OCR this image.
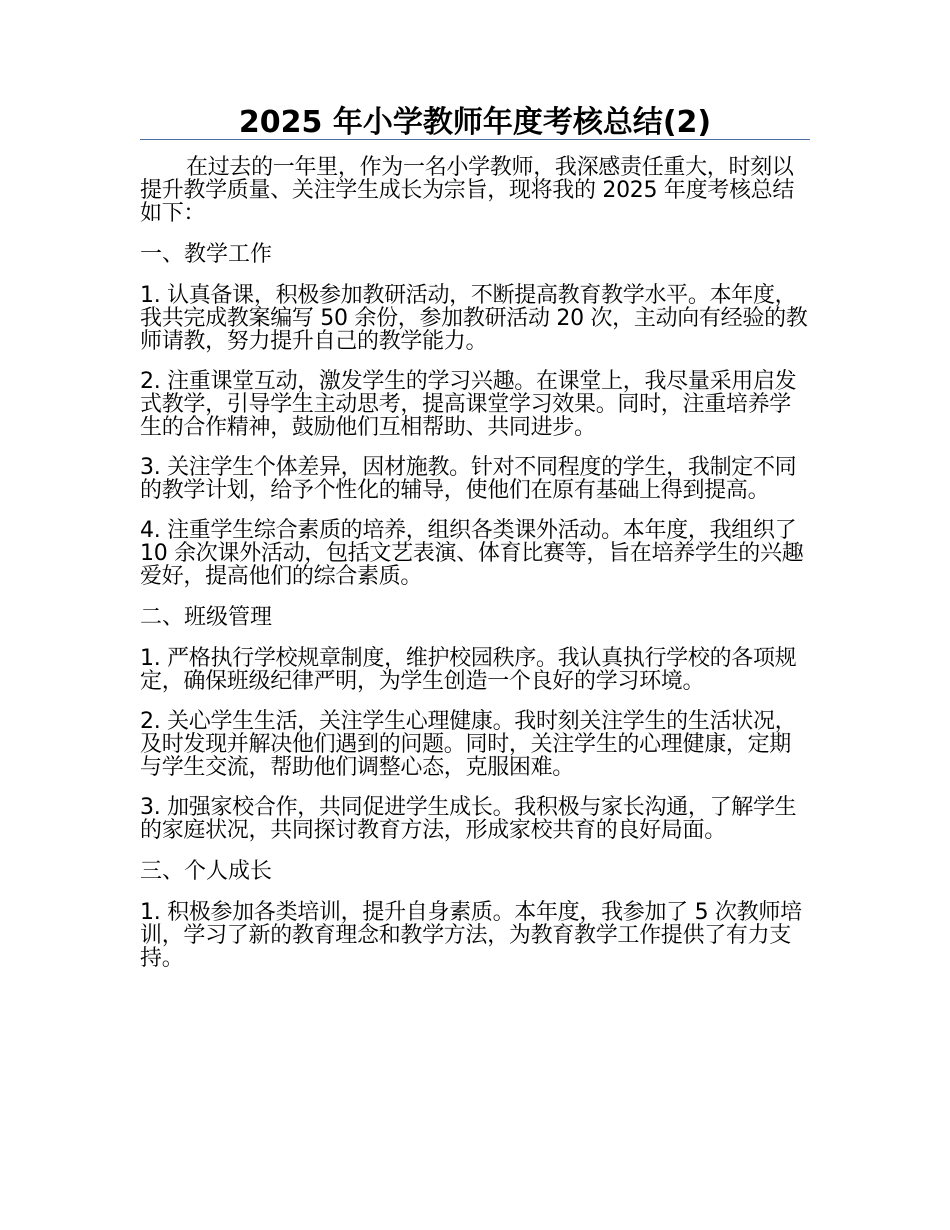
2025 年小学教师年度考核总结(2)

在过去的一年里，作为一名小学教师，我深感责任重大，时刻以提升教学质量、关注学生成长为宗旨，现将我的 2025 年度考核总结如下：

一、教学工作

1. 认真备课，积极参加教研活动，不断提高教育教学水平。本年度，我共完成教案编写 50 余份，参加教研活动 20 次，主动向有经验的教师请教，努力提升自己的教学能力。

2. 注重课堂互动，激发学生的学习兴趣。在课堂上，我尽量采用启发式教学，引导学生主动思考，提高课堂学习效果。同时，注重培养学生的合作精神，鼓励他们互相帮助、共同进步。

3. 关注学生个体差异，因材施教。针对不同程度的学生，我制定不同的教学计划，给予个性化的辅导，使他们在原有基础上得到提高。

4. 注重学生综合素质的培养，组织各类课外活动。本年度，我组织了 10 余次课外活动，包括文艺表演、体育比赛等，旨在培养学生的兴趣爱好，提高他们的综合素质。

二、班级管理

1. 严格执行学校规章制度，维护校园秩序。我认真执行学校的各项规定，确保班级纪律严明，为学生创造一个良好的学习环境。

2. 关心学生生活，关注学生心理健康。我时刻关注学生的生活状况，及时发现并解决他们遇到的问题。同时，关注学生的心理健康，定期与学生交流，帮助他们调整心态，克服困难。

3. 加强家校合作，共同促进学生成长。我积极与家长沟通，了解学生的家庭状况，共同探讨教育方法，形成家校共育的良好局面。

三、个人成长

1. 积极参加各类培训，提升自身素质。本年度，我参加了 5 次教师培训，学习了新的教育理念和教学方法，为教育教学工作提供了有力支持。
